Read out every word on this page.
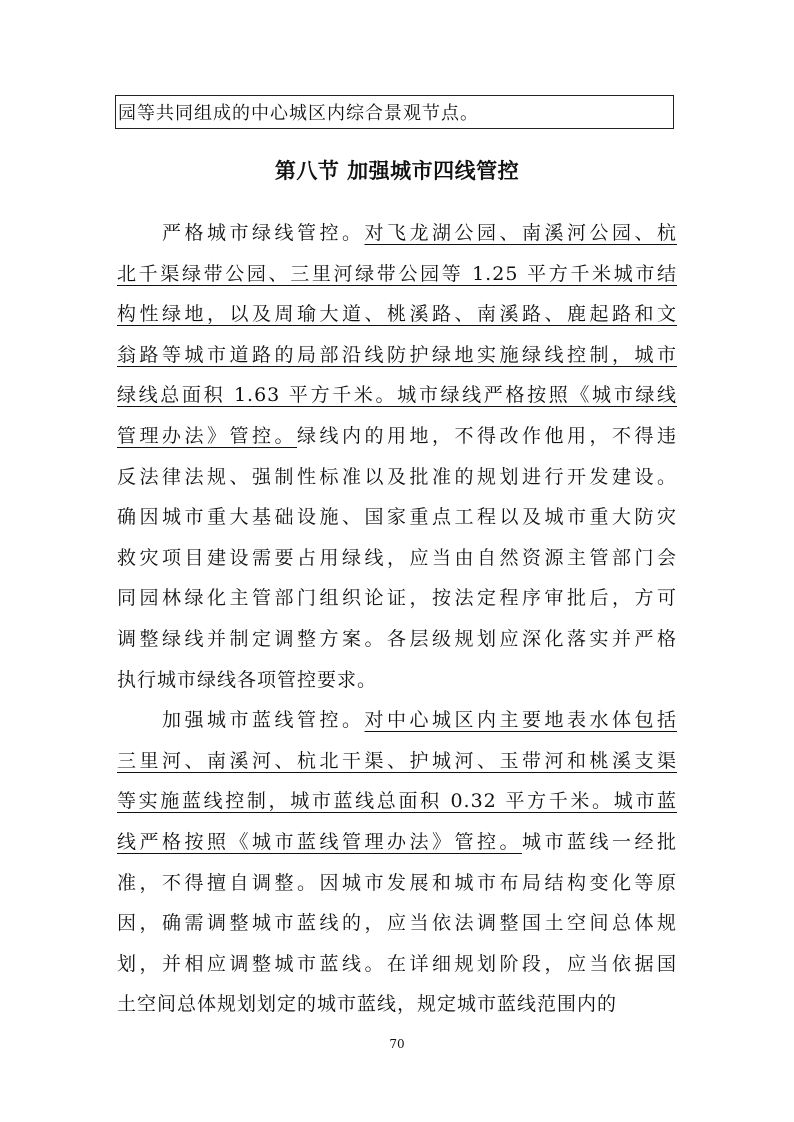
园等共同组成的中心城区内综合景观节点。
第八节 加强城市四线管控
　　严格城市绿线管控。对飞龙湖公园、南溪河公园、杭
北千渠绿带公园、三里河绿带公园等 1.25 平方千米城市结
构性绿地，以及周瑜大道、桃溪路、南溪路、鹿起路和文
翁路等城市道路的局部沿线防护绿地实施绿线控制，城市
绿线总面积 1.63 平方千米。城市绿线严格按照《城市绿线
管理办法》管控。绿线内的用地，不得改作他用，不得违
反法律法规、强制性标准以及批准的规划进行开发建设。
确因城市重大基础设施、国家重点工程以及城市重大防灾
救灾项目建设需要占用绿线，应当由自然资源主管部门会
同园林绿化主管部门组织论证，按法定程序审批后，方可
调整绿线并制定调整方案。各层级规划应深化落实并严格
执行城市绿线各项管控要求。
　　加强城市蓝线管控。对中心城区内主要地表水体包括
三里河、南溪河、杭北干渠、护城河、玉带河和桃溪支渠
等实施蓝线控制，城市蓝线总面积 0.32 平方千米。城市蓝
线严格按照《城市蓝线管理办法》管控。城市蓝线一经批
准，不得擅自调整。因城市发展和城市布局结构变化等原
因，确需调整城市蓝线的，应当依法调整国土空间总体规
划，并相应调整城市蓝线。在详细规划阶段，应当依据国
土空间总体规划划定的城市蓝线，规定城市蓝线范围内的
70
